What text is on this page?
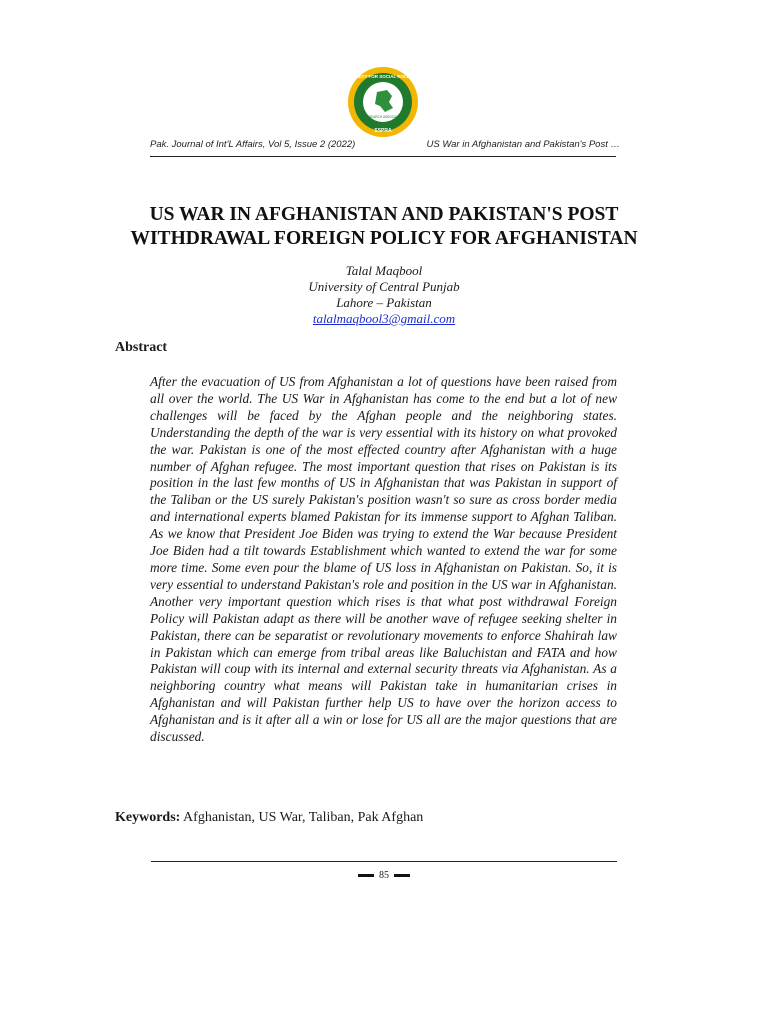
SOCIETY FOR SOCIAL POLICIES
& RESEARCH ASSOCIATION
SSPRA
Pak. Journal of Int'L Affairs, Vol 5, Issue 2 (2022)	US War in Afghanistan and Pakistan's Post …
US WAR IN AFGHANISTAN AND PAKISTAN'S POST
WITHDRAWAL FOREIGN POLICY FOR AFGHANISTAN
Talal Maqbool
University of Central Punjab
Lahore – Pakistan
talalmaqbool3@gmail.com
Abstract

After the evacuation of US from Afghanistan a lot of questions have been raised from all over the world. The US War in Afghanistan has come to the end but a lot of new challenges will be faced by the Afghan people and the neighboring states. Understanding the depth of the war is very essential with its history on what provoked the war. Pakistan is one of the most effected country after Afghanistan with a huge number of Afghan refugee. The most important question that rises on Pakistan is its position in the last few months of US in Afghanistan that was Pakistan in support of the Taliban or the US surely Pakistan's position wasn't so sure as cross border media and international experts blamed Pakistan for its immense support to Afghan Taliban. As we know that President Joe Biden was trying to extend the War because President Joe Biden had a tilt towards Establishment which wanted to extend the war for some more time. Some even pour the blame of US loss in Afghanistan on Pakistan. So, it is very essential to understand Pakistan's role and position in the US war in Afghanistan. Another very important question which rises is that what post withdrawal Foreign Policy will Pakistan adapt as there will be another wave of refugee seeking shelter in Pakistan, there can be separatist or revolutionary movements to enforce Shahirah law in Pakistan which can emerge from tribal areas like Baluchistan and FATA and how Pakistan will coup with its internal and external security threats via Afghanistan. As a neighboring country what means will Pakistan take in humanitarian crises in Afghanistan and will Pakistan further help US to have over the horizon access to Afghanistan and is it after all a win or lose for US all are the major questions that are discussed.

Keywords: Afghanistan, US War, Taliban, Pak Afghan
85
